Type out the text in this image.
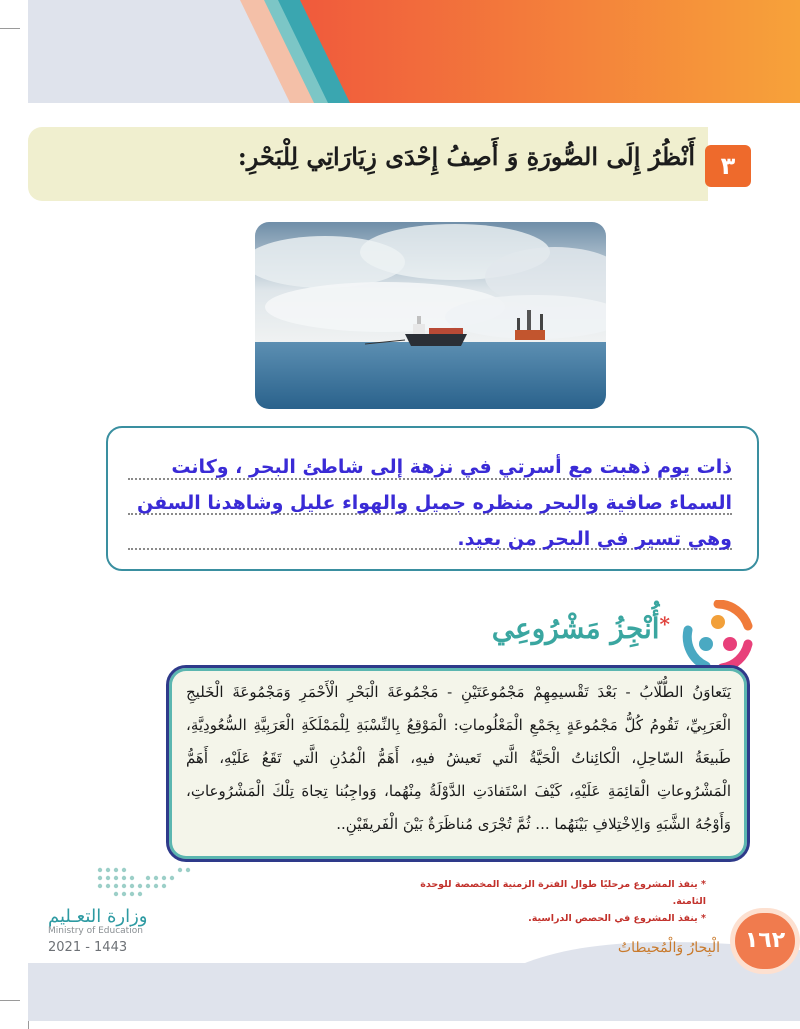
أَنْظُرُ إِلَى الصُّورَةِ وَ أَصِفُ إِحْدَى زِيَارَاتِي لِلْبَحْرِ:	٣
ذات يوم ذهبت مع أسرتي في نزهة إلى شاطئ البحر ، وكانت السماء صافية والبحر منظره جميل والهواء عليل وشاهدنا السفن وهي تسير في البحر من بعيد.
*أُنْجِزُ مَشْرُوعِي
يَتَعاوَنُ الطُّلّابُ - بَعْدَ تَقْسيمِهِمْ مَجْمُوعَتَيْنِ - مَجْمُوعَةَ الْبَحْرِ الْأَحْمَرِ وَمَجْمُوعَةَ الْخَليجِ الْعَرَبِيِّ، تَقُومُ كُلُّ مَجْمُوعَةٍ بِجَمْعِ الْمَعْلُوماتِ: الْمَوْقِعُ بِالنِّسْبَةِ لِلْمَمْلَكَةِ الْعَرَبِيَّةِ السُّعُودِيَّةِ، طَبيعَةُ السّاحِلِ، الْكائِناتُ الْحَيَّةُ الَّتي تَعيشُ فيهِ، أَهَمُّ الْمُدُنِ الَّتي تَقَعُ عَلَيْهِ، أَهَمُّ الْمَشْرُوعاتِ الْقائِمَةِ عَلَيْهِ، كَيْفَ اسْتَفادَتِ الدَّوْلَةُ مِنْهُما، وَواجِبُنا تِجاهَ تِلْكَ الْمَشْرُوعاتِ، وَأَوْجُهُ الشَّبَهِ وَالِاخْتِلافِ بَيْنَهُما ... ثُمَّ تُجْرَى مُناظَرَةٌ بَيْنَ الْفَريقَيْنِ..
* ينفذ المشروع مرحليًا طوال الفترة الزمنية المخصصة للوحدة الثامنة.
* ينفذ المشروع في الحصص الدراسية.
وزارة التعـليم
Ministry of Education
2021 - 1443	الْبِحارُ وَالْمُحيطاتُ	١٦٢
